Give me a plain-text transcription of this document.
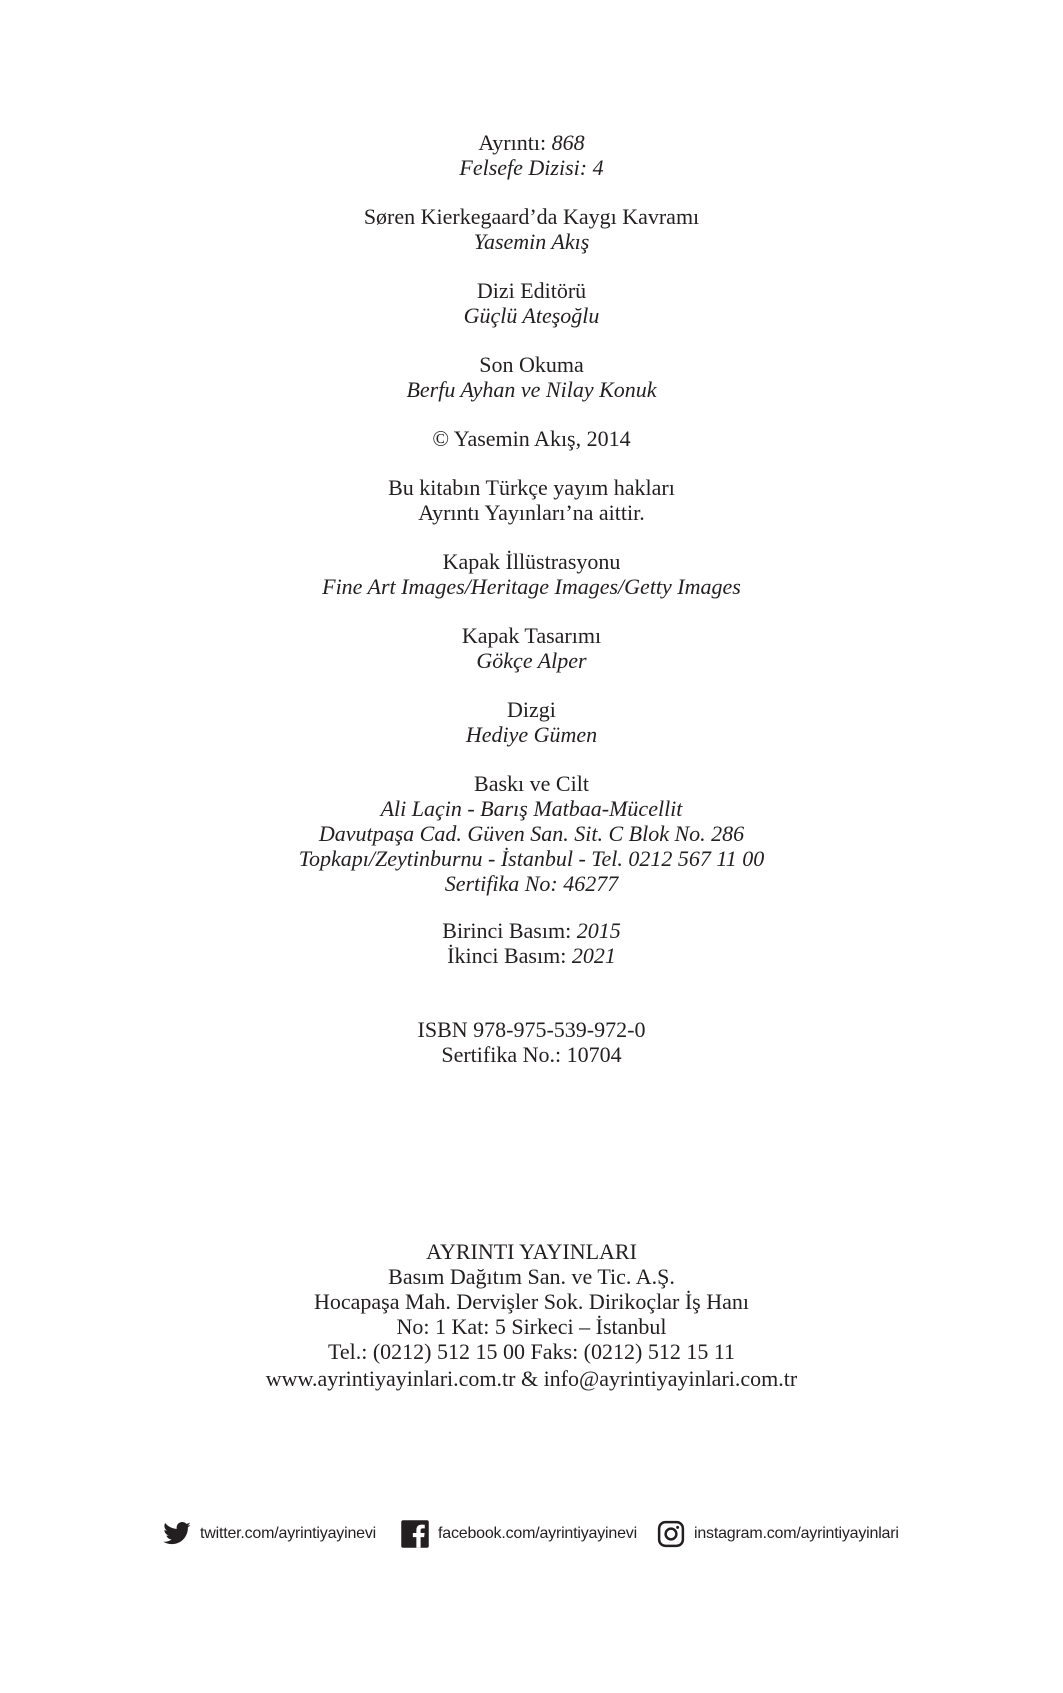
Ayrıntı: 868
Felsefe Dizisi: 4
Søren Kierkegaard’da Kaygı Kavramı
Yasemin Akış
Dizi Editörü
Güçlü Ateşoğlu
Son Okuma
Berfu Ayhan ve Nilay Konuk
© Yasemin Akış, 2014
Bu kitabın Türkçe yayım hakları
Ayrıntı Yayınları’na aittir.
Kapak İllüstrasyonu
Fine Art Images/Heritage Images/Getty Images
Kapak Tasarımı
Gökçe Alper
Dizgi
Hediye Gümen
Baskı ve Cilt
Ali Laçin - Barış Matbaa-Mücellit
Davutpaşa Cad. Güven San. Sit. C Blok No. 286
Topkapı/Zeytinburnu - İstanbul - Tel. 0212 567 11 00
Sertifika No: 46277
Birinci Basım: 2015
İkinci Basım: 2021
ISBN 978-975-539-972-0
Sertifika No.: 10704
AYRINTI YAYINLARI
Basım Dağıtım San. ve Tic. A.Ş.
Hocapaşa Mah. Dervişler Sok. Dirikoçlar İş Hanı
No: 1 Kat: 5 Sirkeci – İstanbul
Tel.: (0212) 512 15 00 Faks: (0212) 512 15 11
www.ayrintiyayinlari.com.tr & info@ayrintiyayinlari.com.tr
twitter.com/ayrintiyayinevi	facebook.com/ayrintiyayinevi	instagram.com/ayrintiyayinlari
